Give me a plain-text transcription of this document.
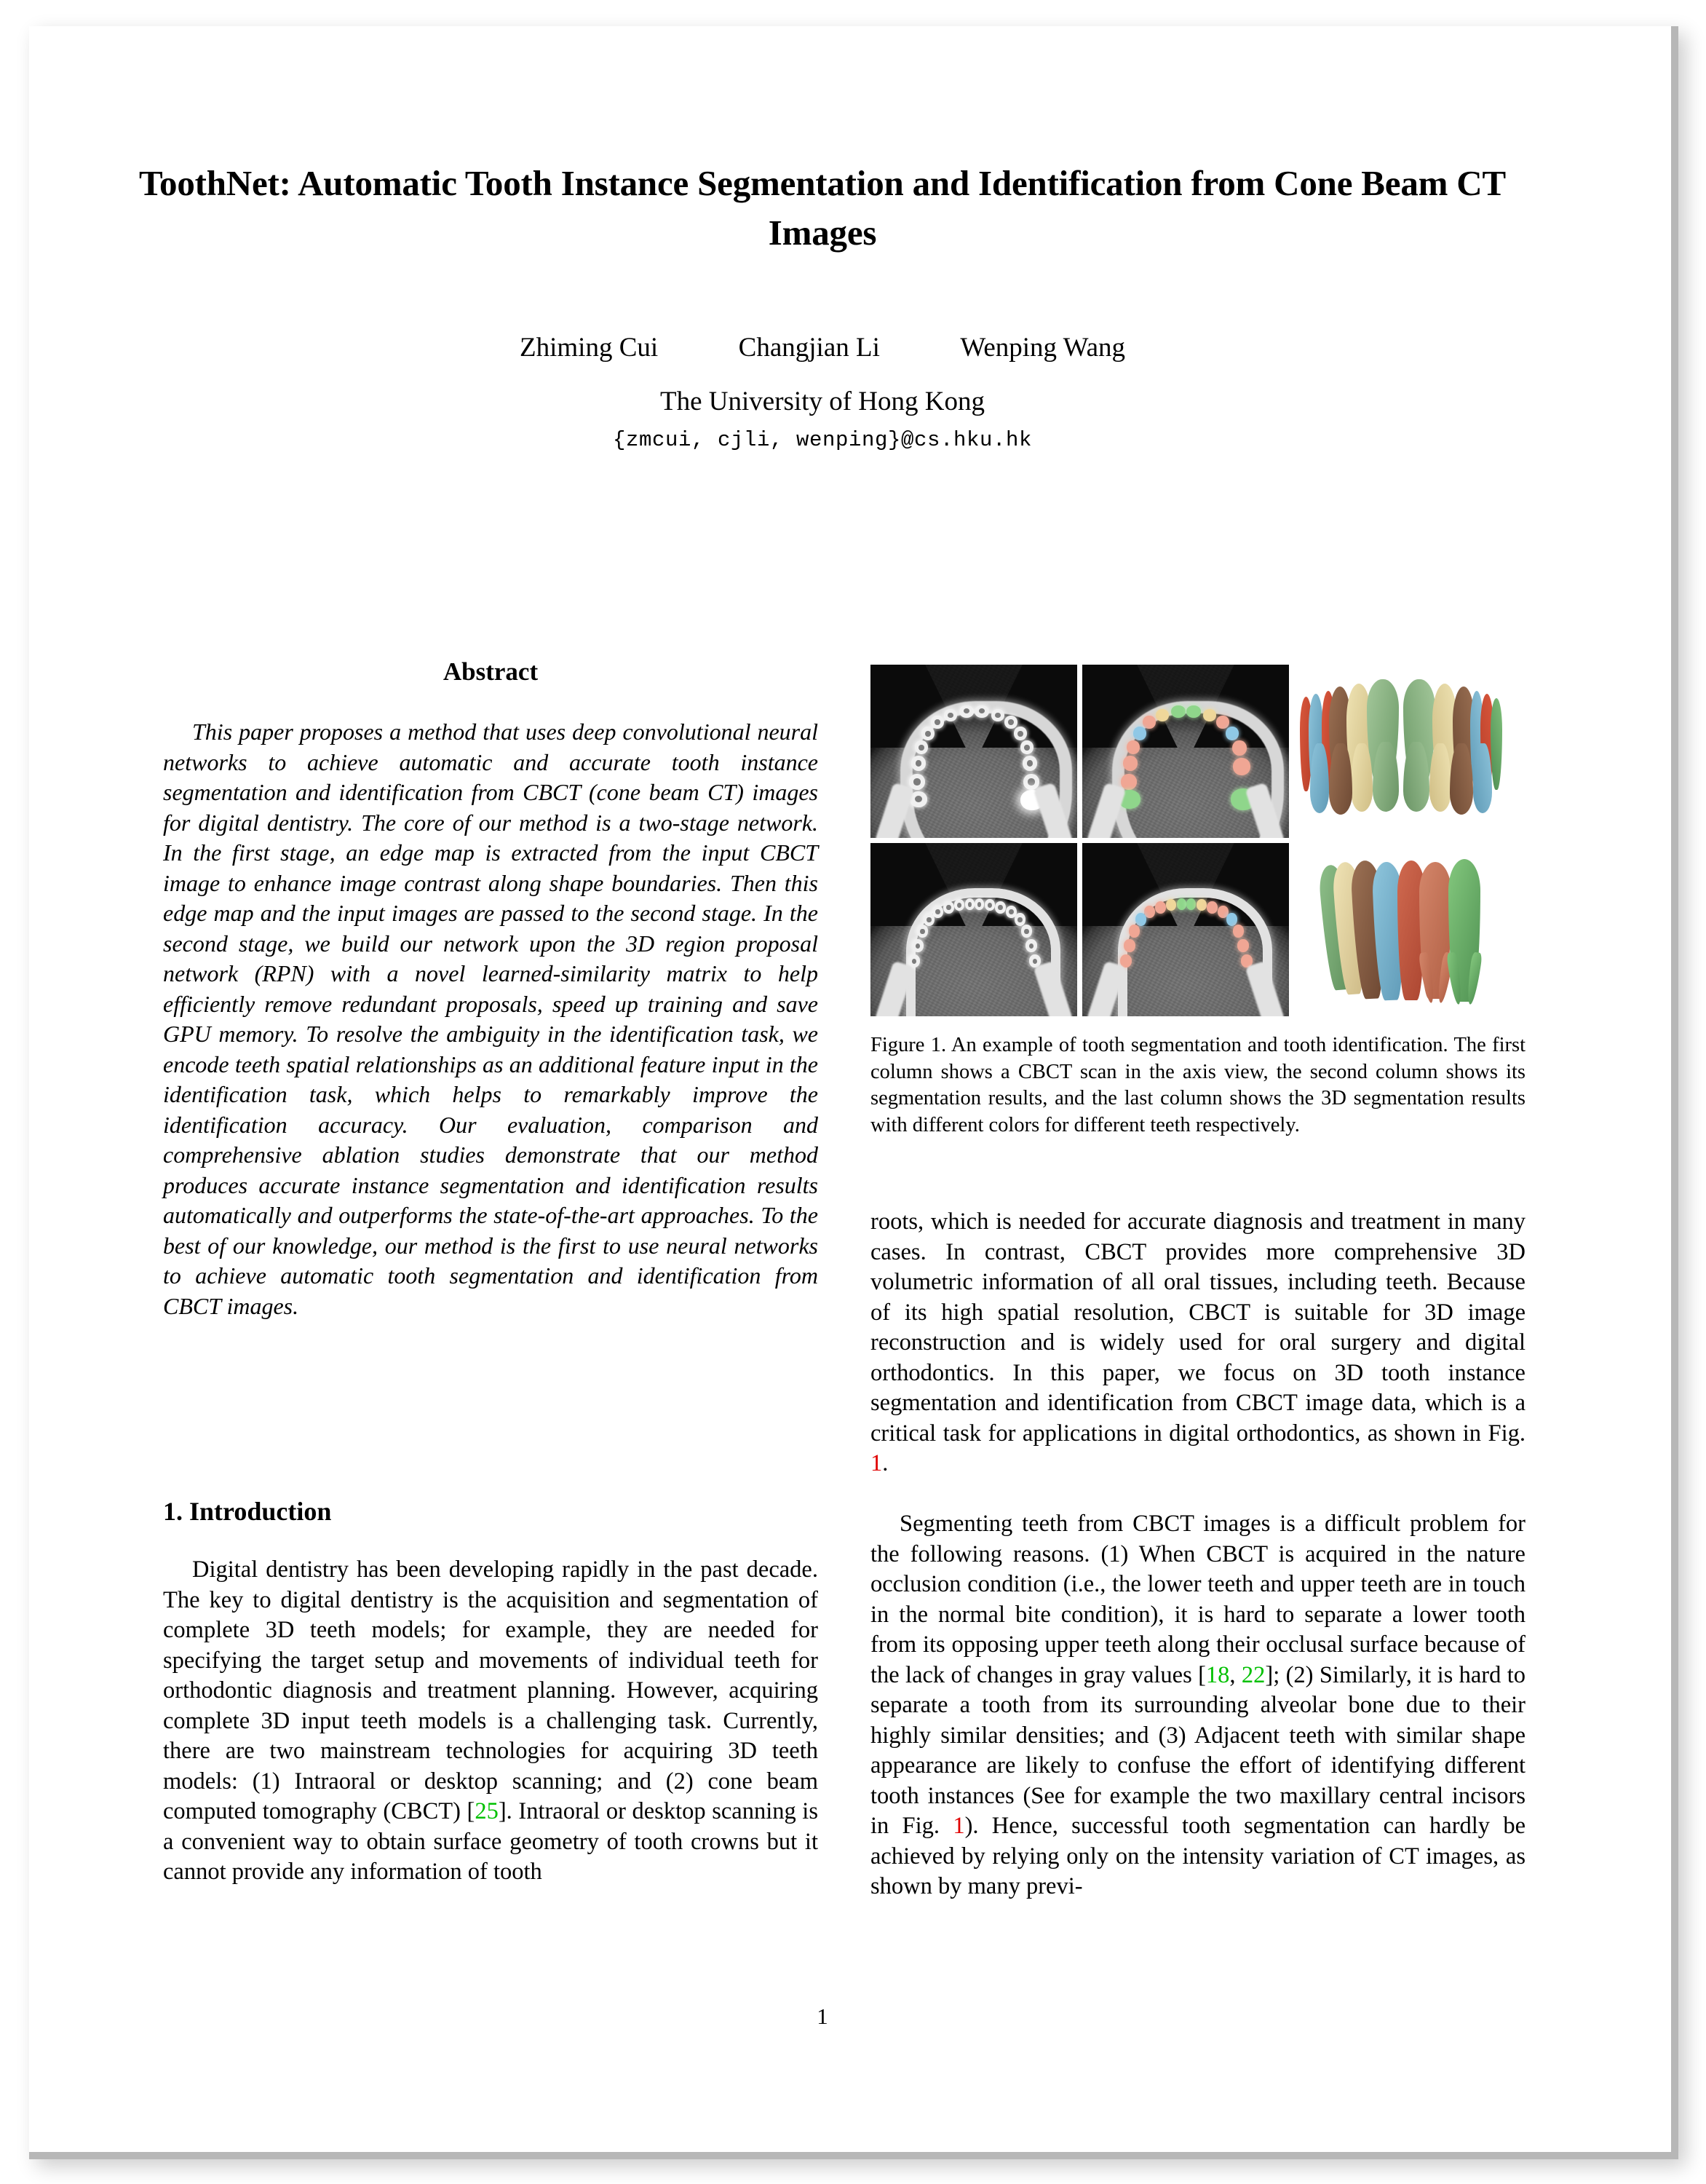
ToothNet: Automatic Tooth Instance Segmentation and Identification from Cone Beam CT Images
Zhiming Cui	Changjian Li	Wenping Wang
The University of Hong Kong
{zmcui, cjli, wenping}@cs.hku.hk
Abstract

This paper proposes a method that uses deep convolutional neural networks to achieve automatic and accurate tooth instance segmentation and identification from CBCT (cone beam CT) images for digital dentistry. The core of our method is a two-stage network. In the first stage, an edge map is extracted from the input CBCT image to enhance image contrast along shape boundaries. Then this edge map and the input images are passed to the second stage. In the second stage, we build our network upon the 3D region proposal network (RPN) with a novel learned-similarity matrix to help efficiently remove redundant proposals, speed up training and save GPU memory. To resolve the ambiguity in the identification task, we encode teeth spatial relationships as an additional feature input in the identification task, which helps to remarkably improve the identification accuracy. Our evaluation, comparison and comprehensive ablation studies demonstrate that our method produces accurate instance segmentation and identification results automatically and outperforms the state-of-the-art approaches. To the best of our knowledge, our method is the first to use neural networks to achieve automatic tooth segmentation and identification from CBCT images.

1. Introduction

Digital dentistry has been developing rapidly in the past decade. The key to digital dentistry is the acquisition and segmentation of complete 3D teeth models; for example, they are needed for specifying the target setup and movements of individual teeth for orthodontic diagnosis and treatment planning. However, acquiring complete 3D input teeth models is a challenging task. Currently, there are two mainstream technologies for acquiring 3D teeth models: (1) Intraoral or desktop scanning; and (2) cone beam computed tomography (CBCT) [25]. Intraoral or desktop scanning is a convenient way to obtain surface geometry of tooth crowns but it cannot provide any information of tooth

Figure 1. An example of tooth segmentation and tooth identification. The first column shows a CBCT scan in the axis view, the second column shows its segmentation results, and the last column shows the 3D segmentation results with different colors for different teeth respectively.

roots, which is needed for accurate diagnosis and treatment in many cases. In contrast, CBCT provides more comprehensive 3D volumetric information of all oral tissues, including teeth. Because of its high spatial resolution, CBCT is suitable for 3D image reconstruction and is widely used for oral surgery and digital orthodontics. In this paper, we focus on 3D tooth instance segmentation and identification from CBCT image data, which is a critical task for applications in digital orthodontics, as shown in Fig. 1.

Segmenting teeth from CBCT images is a difficult problem for the following reasons. (1) When CBCT is acquired in the nature occlusion condition (i.e., the lower teeth and upper teeth are in touch in the normal bite condition), it is hard to separate a lower tooth from its opposing upper teeth along their occlusal surface because of the lack of changes in gray values [18, 22]; (2) Similarly, it is hard to separate a tooth from its surrounding alveolar bone due to their highly similar densities; and (3) Adjacent teeth with similar shape appearance are likely to confuse the effort of identifying different tooth instances (See for example the two maxillary central incisors in Fig. 1). Hence, successful tooth segmentation can hardly be achieved by relying only on the intensity variation of CT images, as shown by many previ-

1
